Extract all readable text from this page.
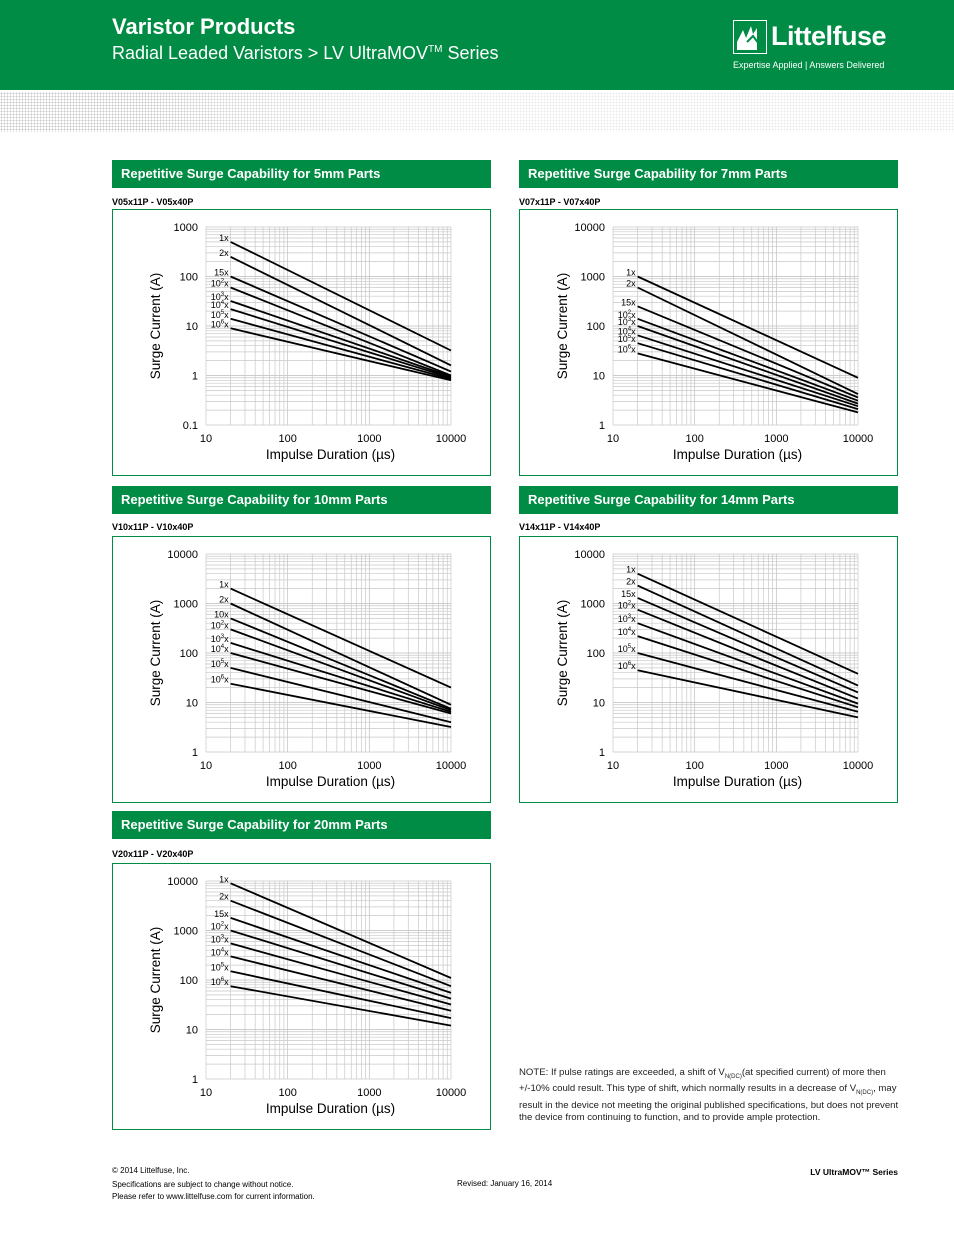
Varistor Products
Radial Leaded Varistors > LV UltraMOV™ Series
Littelfuse
Expertise Applied | Answers Delivered
Repetitive Surge Capability for 5mm Parts
V05x11P - V05x40P
10	100	1000	10000
0.1
1
10
100
1000
Impulse Duration (µs)
Surge Current (A)
1x
2x
15x
$10^2x$
$10^3x$
$10^4x$
$10^5x$
$10^6x$
Repetitive Surge Capability for 7mm Parts
V07x11P - V07x40P
10	100	1000	10000
1
10
100
1000
10000
Impulse Duration (µs)
Surge Current (A)
1x
2x
15x
$10^2x$
$10^3x$
$10^4x$
$10^5x$
$10^6x$
Repetitive Surge Capability for 10mm Parts
V10x11P - V10x40P
10	100	1000	10000
1
10
100
1000
10000
Impulse Duration (µs)
Surge Current (A)
1x
2x
10x
$10^2x$
$10^3x$
$10^4x$
$10^5x$
$10^6x$
Repetitive Surge Capability for 14mm Parts
V14x11P - V14x40P
10	100	1000	10000
1
10
100
1000
10000
Impulse Duration (µs)
Surge Current (A)
1x
2x
15x
$10^2x$
$10^3x$
$10^4x$
$10^5x$
$10^6x$
Repetitive Surge Capability for 20mm Parts
V20x11P - V20x40P
10	100	1000	10000
1
10
100
1000
10000
Impulse Duration (µs)
Surge Current (A)
1x
2x
15x
$10^2x$
$10^3x$
$10^4x$
$10^5x$
$10^6x$
NOTE: If pulse ratings are exceeded, a shift of $V_{N(DC)}(at$ specified current) of more then +/-10% could result. This type of shift, which normally results in a decrease of $V_{N(DC)}$, may result in the device not meeting the original published specifications, but does not prevent the device from continuing to function, and to provide ample protection.
© 2014 Littelfuse, Inc.
Specifications are subject to change without notice.
Please refer to www.littelfuse.com for current information.
Revised: January 16, 2014
LV UltraMOV™ Series
